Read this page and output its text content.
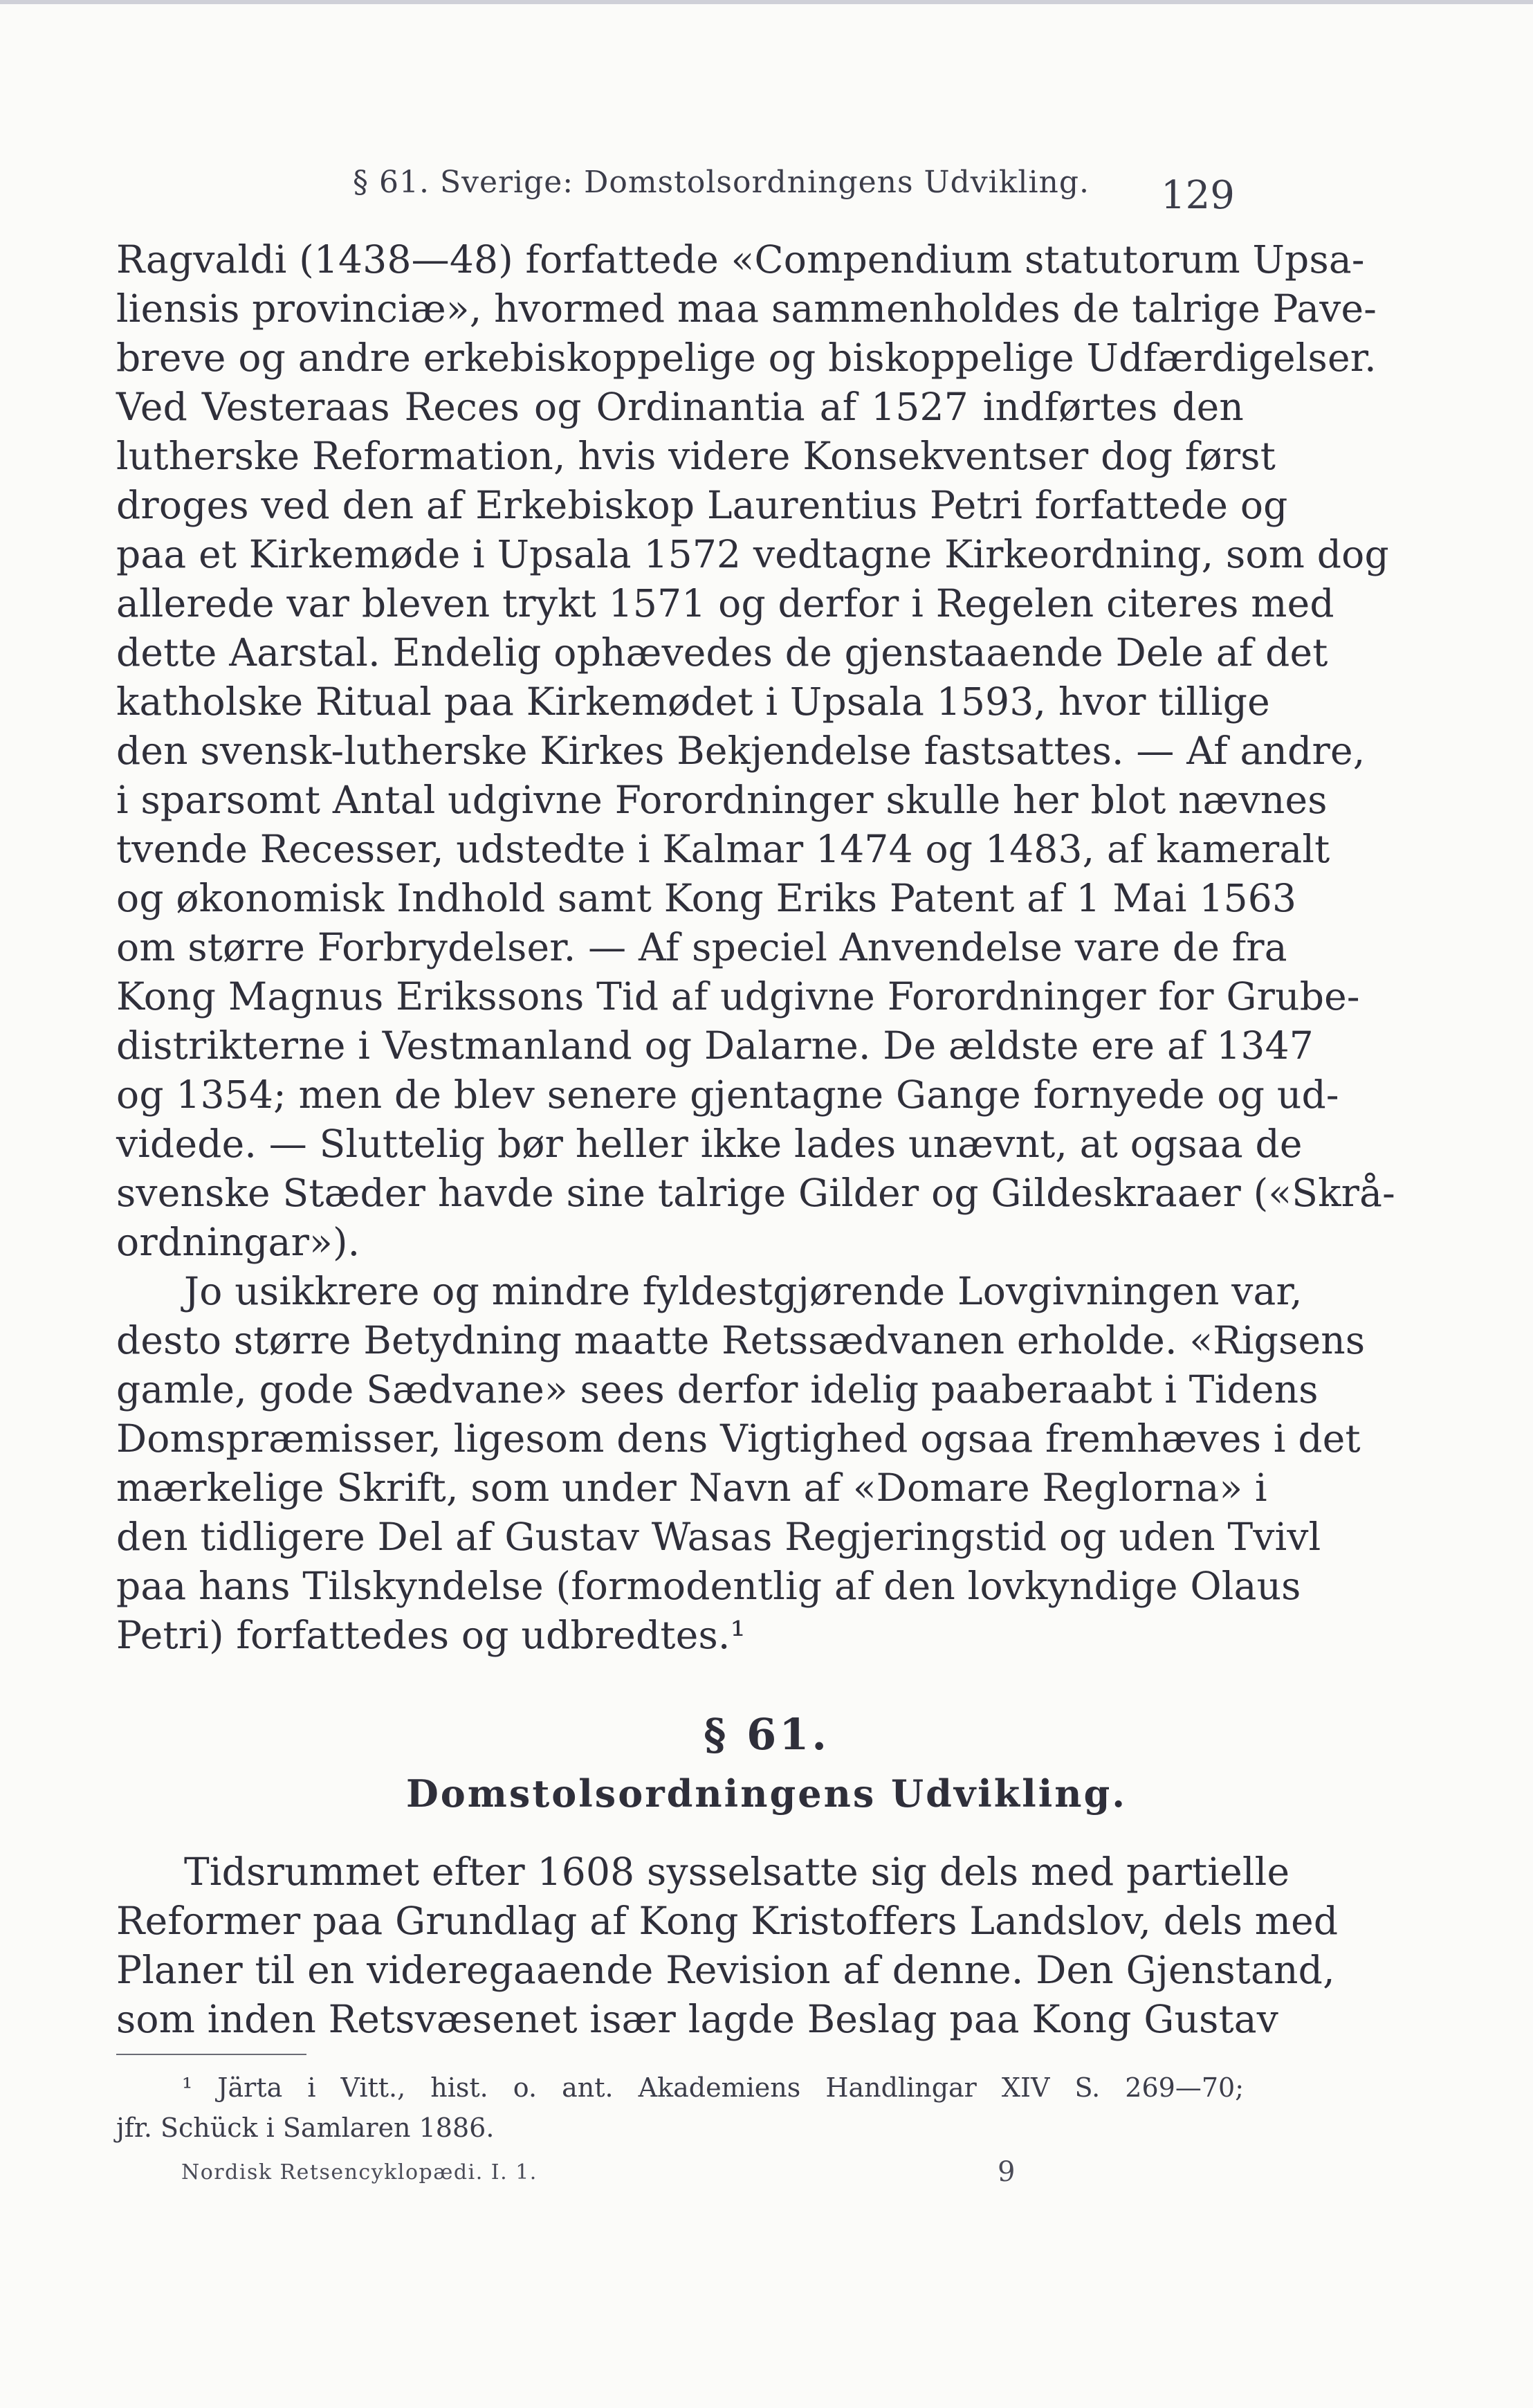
§ 61. Sverige: Domstolsordningens Udvikling. 129
Ragvaldi (1438—48) forfattede «Compendium statutorum Upsa-
liensis provinciæ», hvormed maa sammenholdes de talrige Pave-
breve og andre erkebiskoppelige og biskoppelige Udfærdigelser.
Ved Vesteraas Reces og Ordinantia af 1527 indførtes den
lutherske Reformation, hvis videre Konsekventser dog først
droges ved den af Erkebiskop Laurentius Petri forfattede og
paa et Kirkemøde i Upsala 1572 vedtagne Kirkeordning, som dog
allerede var bleven trykt 1571 og derfor i Regelen citeres med
dette Aarstal. Endelig ophævedes de gjenstaaende Dele af det
katholske Ritual paa Kirkemødet i Upsala 1593, hvor tillige
den svensk-lutherske Kirkes Bekjendelse fastsattes. — Af andre,
i sparsomt Antal udgivne Forordninger skulle her blot nævnes
tvende Recesser, udstedte i Kalmar 1474 og 1483, af kameralt
og økonomisk Indhold samt Kong Eriks Patent af 1 Mai 1563
om større Forbrydelser. — Af speciel Anvendelse vare de fra
Kong Magnus Erikssons Tid af udgivne Forordninger for Grube-
distrikterne i Vestmanland og Dalarne. De ældste ere af 1347
og 1354; men de blev senere gjentagne Gange fornyede og ud-
videde. — Sluttelig bør heller ikke lades unævnt, at ogsaa de
svenske Stæder havde sine talrige Gilder og Gildeskraaer («Skrå-
ordningar»).
Jo usikkrere og mindre fyldestgjørende Lovgivningen var,
desto større Betydning maatte Retssædvanen erholde. «Rigsens
gamle, gode Sædvane» sees derfor idelig paaberaabt i Tidens
Domspræmisser, ligesom dens Vigtighed ogsaa fremhæves i det
mærkelige Skrift, som under Navn af «Domare Reglorna» i
den tidligere Del af Gustav Wasas Regjeringstid og uden Tvivl
paa hans Tilskyndelse (formodentlig af den lovkyndige Olaus
Petri) forfattedes og udbredtes.¹
§ 61.
Domstolsordningens Udvikling.
Tidsrummet efter 1608 sysselsatte sig dels med partielle
Reformer paa Grundlag af Kong Kristoffers Landslov, dels med
Planer til en videregaaende Revision af denne. Den Gjenstand,
som inden Retsvæsenet især lagde Beslag paa Kong Gustav
¹ Järta i Vitt., hist. o. ant. Akademiens Handlingar XIV S. 269—70;
jfr. Schück i Samlaren 1886.
Nordisk Retsencyklopædi. I. 1.	9
